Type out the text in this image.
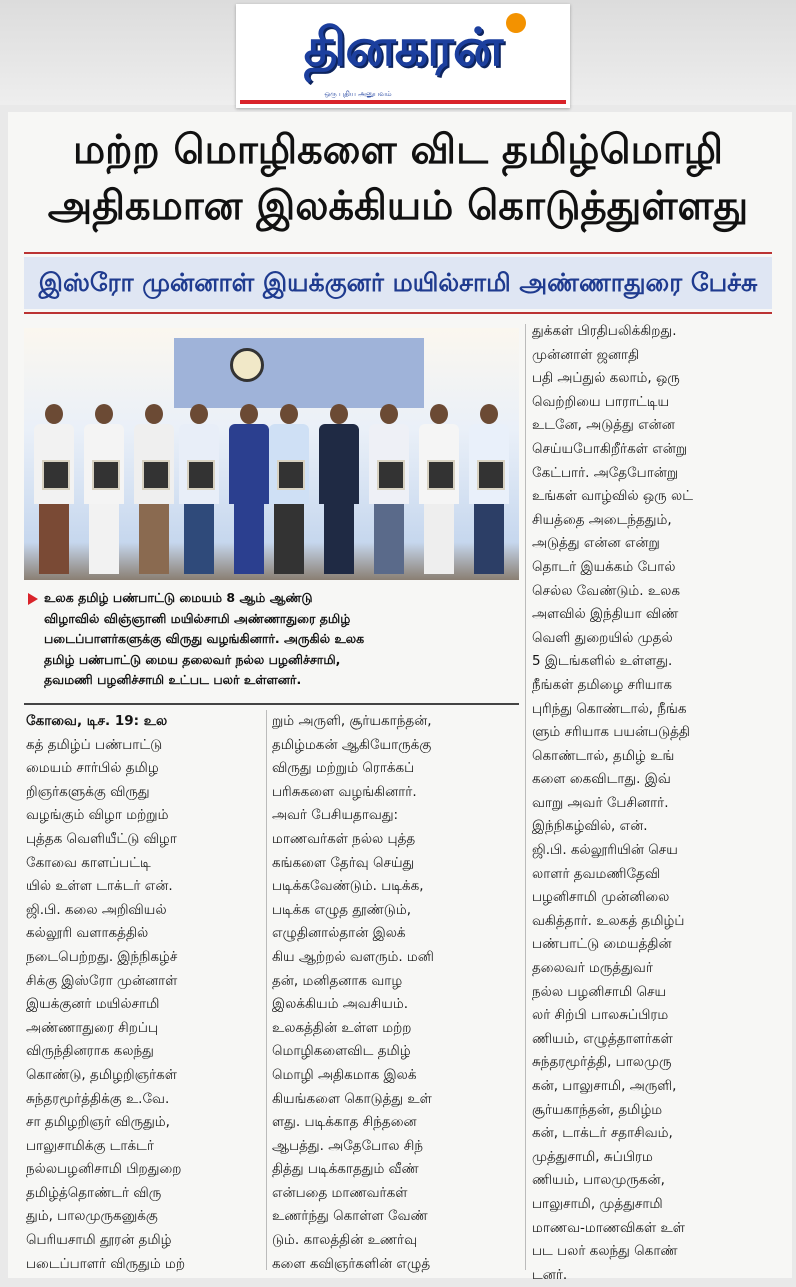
தினகரன்
ஒரு புதிய அனுபவம்
மற்ற மொழிகளை விட தமிழ்மொழி
அதிகமான இலக்கியம் கொடுத்துள்ளது
இஸ்ரோ முன்னாள் இயக்குனர் மயில்சாமி அண்ணாதுரை பேச்சு

உலக தமிழ் பண்பாட்டு மையம் 8 ஆம் ஆண்டு
விழாவில் விஞ்ஞானி மயில்சாமி அண்ணாதுரை தமிழ்
படைப்பாளர்களுக்கு விருது வழங்கினார். அருகில் உலக
தமிழ் பண்பாட்டு மைய தலைவர் நல்ல பழனிச்சாமி,
தவமணி பழனிச்சாமி உட்பட பலர் உள்ளனர்.

கோவை, டிச. 19: உல
கத் தமிழ்ப் பண்பாட்டு
மையம் சார்பில் தமிழ
றிஞர்களுக்கு விருது
வழங்கும் விழா மற்றும்
புத்தக வெளியீட்டு விழா
கோவை காளப்பட்டி
யில் உள்ள டாக்டர் என்.
ஜி.பி. கலை அறிவியல்
கல்லூரி வளாகத்தில்
நடைபெற்றது. இந்நிகழ்ச்
சிக்கு இஸ்ரோ முன்னாள்
இயக்குனர் மயில்சாமி
அண்ணாதுரை சிறப்பு
விருந்தினராக கலந்து
கொண்டு, தமிழறிஞர்கள்
சுந்தரமூர்த்திக்கு உ.வே.
சா தமிழறிஞர் விருதும்,
பாலுசாமிக்கு டாக்டர்
நல்லபழனிசாமி பிறதுறை
தமிழ்த்தொண்டர் விரு
தும், பாலமுருகனுக்கு
பெரியசாமி தூரன் தமிழ்
படைப்பாளர் விருதும் மற்
றும் அருளி, சூர்யகாந்தன்,
தமிழ்மகன் ஆகியோருக்கு
விருது மற்றும் ரொக்கப்
பரிசுகளை வழங்கினார்.
அவர் பேசியதாவது:
மாணவர்கள் நல்ல புத்த
கங்களை தேர்வு செய்து
படிக்கவேண்டும். படிக்க,
படிக்க எழுத தூண்டும்,
எழுதினால்தான் இலக்
கிய ஆற்றல் வளரும். மனி
தன், மனிதனாக வாழ
இலக்கியம் அவசியம்.
உலகத்தின் உள்ள மற்ற
மொழிகளைவிட தமிழ்
மொழி அதிகமாக இலக்
கியங்களை கொடுத்து உள்
ளது. படிக்காத சிந்தனை
ஆபத்து. அதேபோல சிந்
தித்து படிக்காததும் வீண்
என்பதை மாணவர்கள்
உணர்ந்து கொள்ள வேண்
டும். காலத்தின் உணர்வு
களை கவிஞர்களின் எழுத்
துக்கள் பிரதிபலிக்கிறது.
முன்னாள் ஜனாதி
பதி அப்துல் கலாம், ஒரு
வெற்றியை பாராட்டிய
உடனே, அடுத்து என்ன
செய்யபோகிறீர்கள் என்று
கேட்பார். அதேபோன்று
உங்கள் வாழ்வில் ஒரு லட்
சியத்தை அடைந்ததும்,
அடுத்து என்ன என்று
தொடர் இயக்கம் போல்
செல்ல வேண்டும். உலக
அளவில் இந்தியா விண்
வெளி துறையில் முதல்
5 இடங்களில் உள்ளது.
நீங்கள் தமிழை சரியாக
புரிந்து கொண்டால், நீங்க
ளும் சரியாக பயன்படுத்தி
கொண்டால், தமிழ் உங்
களை கைவிடாது. இவ்
வாறு அவர் பேசினார்.
இந்நிகழ்வில், என்.
ஜி.பி. கல்லூரியின் செய
லாளர் தவமணிதேவி
பழனிசாமி முன்னிலை
வகித்தார். உலகத் தமிழ்ப்
பண்பாட்டு மையத்தின்
தலைவர் மருத்துவர்
நல்ல பழனிசாமி செய
லர் சிற்பி பாலசுப்பிரம
ணியம், எழுத்தாளர்கள்
சுந்தரமூர்த்தி, பாலமுரு
கன், பாலுசாமி, அருளி,
சூர்யகாந்தன், தமிழ்ம
கன், டாக்டர் சதாசிவம்,
முத்துசாமி, சுப்பிரம
ணியம், பாலமுருகன்,
பாலுசாமி, முத்துசாமி
மாணவ-மாணவிகள் உள்
பட பலர் கலந்து கொண்
டனர்.
